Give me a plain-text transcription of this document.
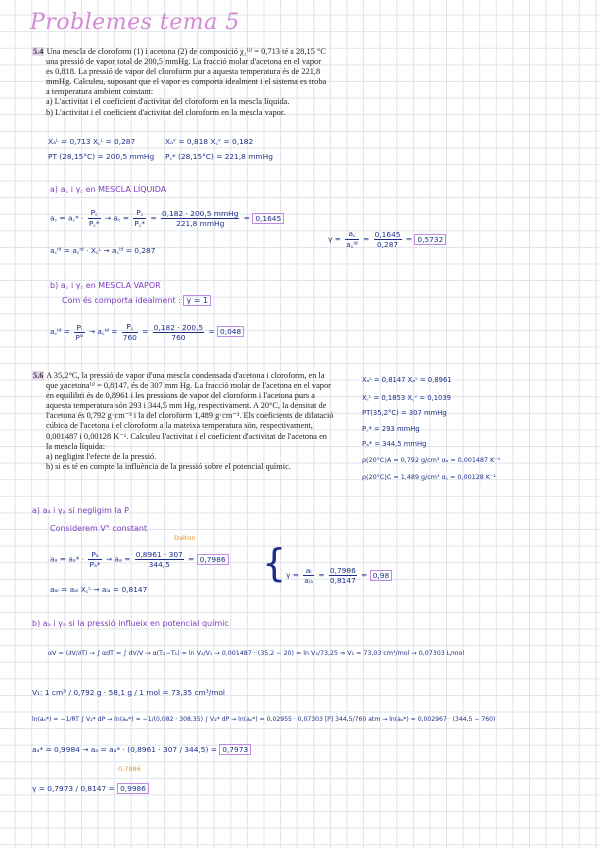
Problemes tema 5

5.4 Una mescla de cloroform (1) i acetona (2) de composició χ₁⁽ˡ⁾ = 0,713 té a 28,15 °C

una pressió de vapor total de 200,5 mmHg. La fracció molar d'acetona en el vapor

es 0,818. La pressió de vapor del cloroform pur a aquesta temperatura és de 221,8

mmHg. Calculeu, suposant que el vapor es comporta idealment i el sistema es troba

a temperatura ambient constant:

a) L'activitat i el coeficient d'activitat del cloroform en la mescla líquida.

b) L'activitat i el coeficient d'activitat del cloroform en la mescla vapor.

Xₐᴸ = 0,713 X꜀ᴸ = 0,287	Xₐᵛ = 0,818 X꜀ᵛ = 0,182
PT (28,15°C) = 200,5 mmHg P꜀* (28,15°C) = 221,8 mmHg
a) a꜀ i γ꜀ en MESCLA LÍQUIDA
a꜀ = a꜀* · $\frac{P꜀}{P꜀*}$ → a꜀ = $\frac{P꜀}{P꜀*} = \frac{\text{0,182 · 200,5 mmHg}}{\text{221,8 mmHg}} = 0,1645$
a꜀ᴵᵈ = a꜀ᴵᵈ · X꜀ᴸ → a꜀ᴵᵈ = 0,287
$\gamma = \frac{a꜀}{\text{a꜀ᴵᵈ}} = \frac{0,1645}{0,287} = 0,5732$
b) a꜀ i γ꜀ en MESCLA VAPOR
Com és comporta idealment : γ = 1
a꜀ᴵᵈ = $\frac{\text{Pᵢ}}{P^\circ}$ → a꜀ᴵᵈ = $\frac{P꜀}{760} = \frac{0,182 \cdot 200,5}{760} = 0,048$

5.6 A 35,2°C, la pressió de vapor d'una mescla condensada d'acetona i cloroform, en la

que χacetona⁽ˡ⁾ = 0,8147, és de 307 mm Hg. La fracció molar de l'acetona en el vapor

en equilibri és de 0,8961 i les pressions de vapor del cloroform i l'acetona purs a

aquesta temperatura són 293 i 344,5 mm Hg, respectivament. A 20°C, la densitat de

l'acetona és 0,792 g·cm⁻³ i la del cloroform 1,489 g·cm⁻³. Els coeficients de dilatació

cúbica de l'acetona i el cloroform a la mateixa temperatura són, respectivament,

0,001487 i 0,00128 K⁻¹. Calculeu l'activitat i el coeficient d'activitat de l'acetona en

la mescla líquida:

a) negligint l'efecte de la pressió.

b) si es té en compte la influència de la pressió sobre el potencial químic.

Xₐᴸ = 0,8147 Xₐᵛ = 0,8961
X꜀ᴸ = 0,1853 X꜀ᵛ = 0,1039
PT(35,2°C) = 307 mmHg
P꜀* = 293 mmHg
Pₐ* = 344,5 mmHg
ρ(20°C)A = 0,792 g/cm³ αₐ = 0,001487 K⁻¹
ρ(20°C)C = 1,489 g/cm³ α꜀ = 0,00128 K⁻¹
a) aₐ i γₐ si negligim la P
Considerem V° constant
Dalton
$a_a = a_a* \cdot \frac{\text{Pₐ}}{\text{Pₐ*}} \to a_a = \frac{0,8961 \cdot 307}{344,5} = 0,7986$
aₐᵢ = aₐᵢ X꜀ᴸ → aᵢₐ = 0,8147
{ $\gamma = \frac{\text{aᵢ}}{\text{aᵢₐ}} = \frac{0,7986}{0,8147} = 0,98$
b) aₐ i γₐ si la pressió influeix en potencial químic
αV = (∂V/∂T) → ∫ αdT = ∫ dV/V → α(T₂−T₁) = ln V₂/V₁ → 0,001487 · (35,2 − 20) = ln V₂/73,25 ⇒ V₂ = 73,03 cm³/mol → 0,07303 L/mol
V₁: 1 cm³ / 0,792 g · 58,1 g / 1 mol = 73,35 cm³/mol
ln(aₐ*) = −1/RT ∫ V₂* dP → ln(aₐ*) = −1/(0,082 · 308,35) ∫ V₂* dP → ln(aₐ*) = 0,02955 · 0,07303 [P] 344,5/760 atm → ln(aₐ*) = 0,002967 · (344,5 − 760)
aₐ* = 0,9984 → aₐ = aₐ* · (0,8961 · 307 / 344,5) = 0,7973
0,7986
γ = 0,7973 / 0,8147 = 0,9986
